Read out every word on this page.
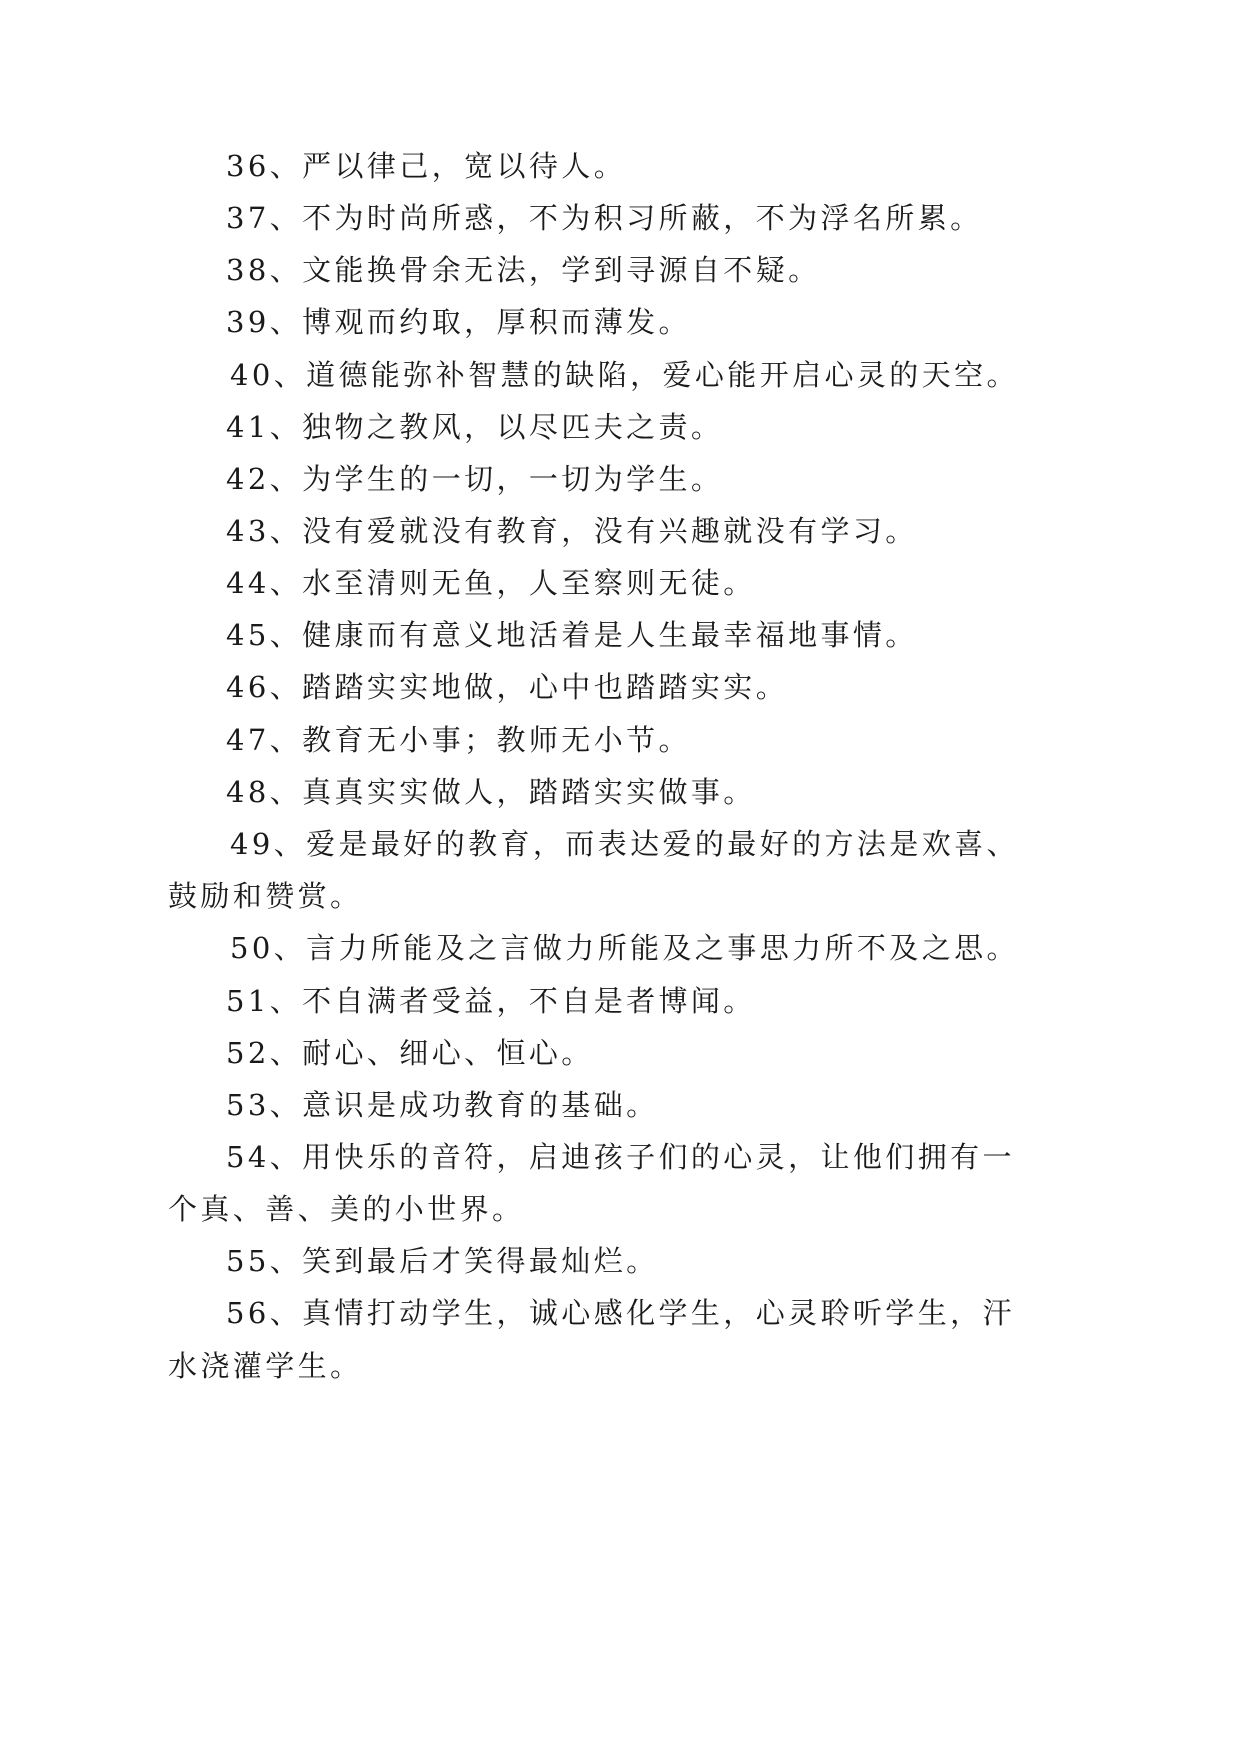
36、严以律己，宽以待人。

37、不为时尚所惑，不为积习所蔽，不为浮名所累。

38、文能换骨余无法，学到寻源自不疑。

39、博观而约取，厚积而薄发。

40、道德能弥补智慧的缺陷，爱心能开启心灵的天空。

41、独物之教风，以尽匹夫之责。

42、为学生的一切，一切为学生。

43、没有爱就没有教育，没有兴趣就没有学习。

44、水至清则无鱼，人至察则无徒。

45、健康而有意义地活着是人生最幸福地事情。

46、踏踏实实地做，心中也踏踏实实。

47、教育无小事；教师无小节。

48、真真实实做人，踏踏实实做事。

49、爱是最好的教育，而表达爱的最好的方法是欢喜、

鼓励和赞赏。

50、言力所能及之言做力所能及之事思力所不及之思。

51、不自满者受益，不自是者博闻。

52、耐心、细心、恒心。

53、意识是成功教育的基础。

54、用快乐的音符，启迪孩子们的心灵，让他们拥有一

个真、善、美的小世界。

55、笑到最后才笑得最灿烂。

56、真情打动学生，诚心感化学生，心灵聆听学生，汗

水浇灌学生。
